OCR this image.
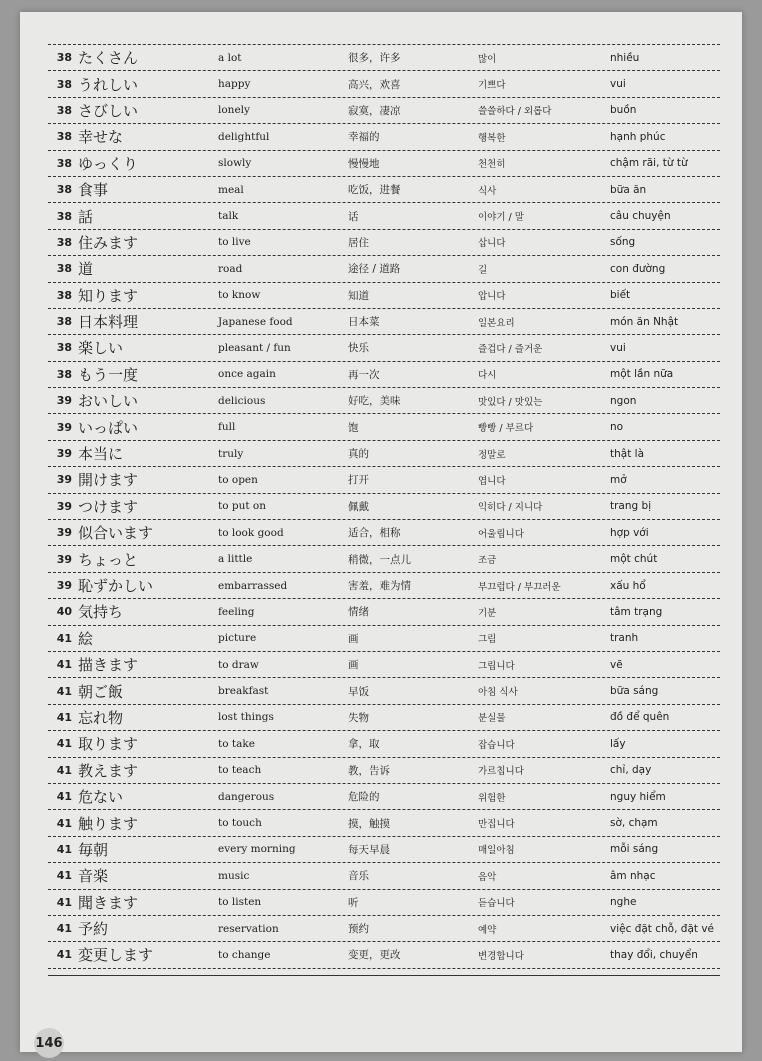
38 たくさん	a lot	很多，许多	많이	nhiều
38 うれしい	happy	高兴，欢喜	기쁘다	vui
38 さびしい	lonely	寂寞，凄凉	쓸쓸하다 / 외롭다	buồn
38 幸せな	delightful	幸福的	행복한	hạnh phúc
38 ゆっくり	slowly	慢慢地	천천히	chậm rãi, từ từ
38 食事	meal	吃饭，进餐	식사	bữa ăn
38 話	talk	话	이야기 / 말	câu chuyện
38 住みます	to live	居住	삽니다	sống
38 道	road	途径 / 道路	길	con đường
38 知ります	to know	知道	압니다	biết
38 日本料理	Japanese food	日本菜	일본요리	món ăn Nhật
38 楽しい	pleasant / fun	快乐	즐겁다 / 즐거운	vui
38 もう一度	once again	再一次	다시	một lần nữa
39 おいしい	delicious	好吃，美味	맛있다 / 맛있는	ngon
39 いっぱい	full	饱	빵빵 / 부르다	no
39 本当に	truly	真的	정말로	thật là
39 開けます	to open	打开	엽니다	mở
39 つけます	to put on	佩戴	익히다 / 지니다	trang bị
39 似合います	to look good	适合，相称	어울립니다	hợp với
39 ちょっと	a little	稍微，一点儿	조금	một chút
39 恥ずかしい	embarrassed	害羞，难为情	부끄럽다 / 부끄러운	xấu hổ
40 気持ち	feeling	情绪	기분	tâm trạng
41 絵	picture	画	그림	tranh
41 描きます	to draw	画	그립니다	vẽ
41 朝ご飯	breakfast	早饭	아침 식사	bữa sáng
41 忘れ物	lost things	失物	분실물	đồ để quên
41 取ります	to take	拿，取	잡습니다	lấy
41 教えます	to teach	教，告诉	가르칩니다	chỉ, dạy
41 危ない	dangerous	危险的	위험한	nguy hiểm
41 触ります	to touch	摸，触摸	만집니다	sờ, chạm
41 毎朝	every morning	每天早晨	매일아침	mỗi sáng
41 音楽	music	音乐	음악	âm nhạc
41 聞きます	to listen	听	듣습니다	nghe
41 予約	reservation	预约	예약	việc đặt chỗ, đặt vé
41 変更します	to change	变更，更改	변경합니다	thay đổi, chuyển
146
